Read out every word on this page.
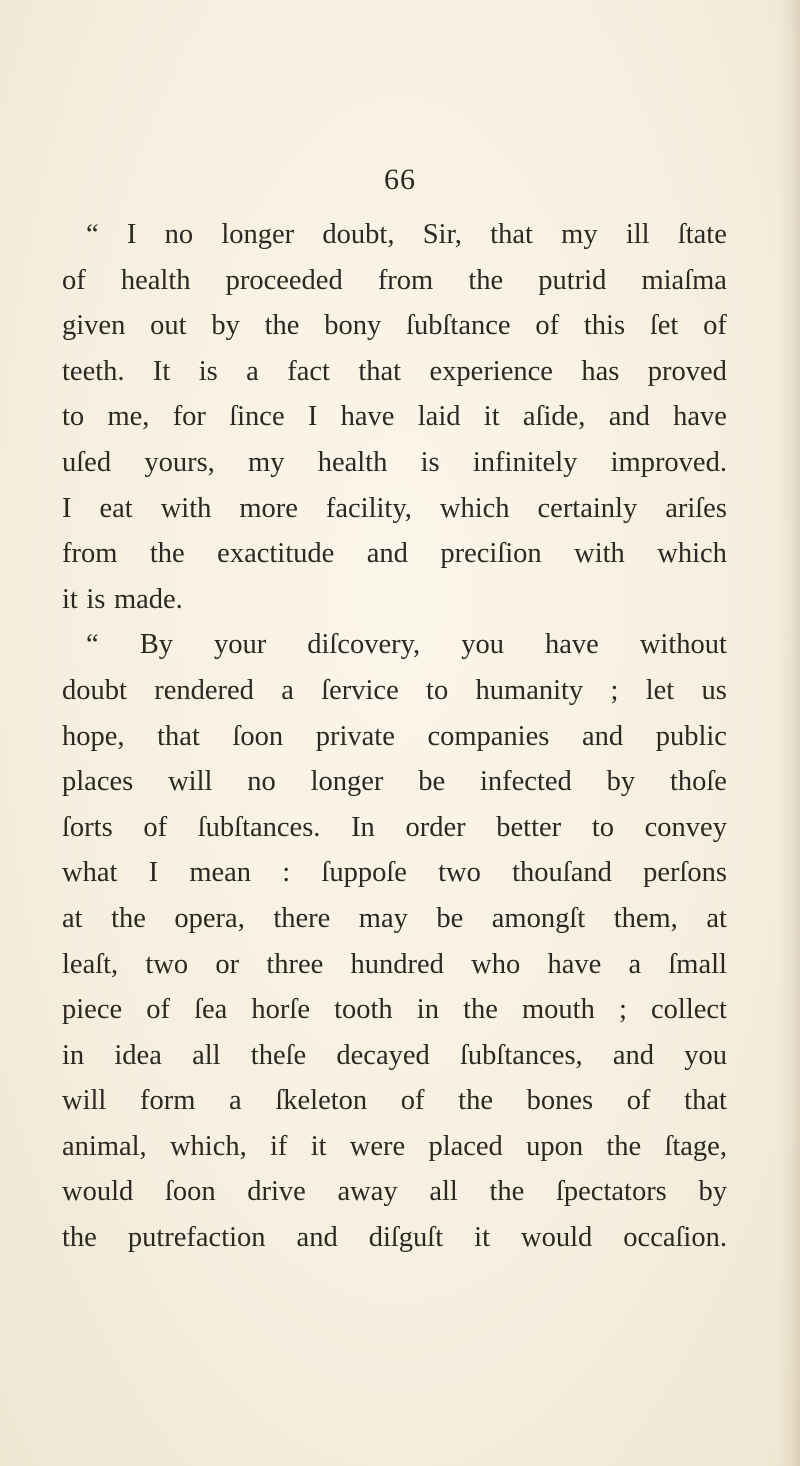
66
“ I no longer doubt, Sir, that my ill ſtate
of health proceeded from the putrid miaſma
given out by the bony ſubſtance of this ſet of
teeth. It is a fact that experience has proved
to me, for ſince I have laid it aſide, and have
uſed yours, my health is infinitely improved.
I eat with more facility, which certainly ariſes
from the exactitude and preciſion with which
it is made.
“ By your diſcovery, you have without
doubt rendered a ſervice to humanity ; let us
hope, that ſoon private companies and public
places will no longer be infected by thoſe
ſorts of ſubſtances. In order better to convey
what I mean : ſuppoſe two thouſand perſons
at the opera, there may be amongſt them, at
leaſt, two or three hundred who have a ſmall
piece of ſea horſe tooth in the mouth ; collect
in idea all theſe decayed ſubſtances, and you
will form a ſkeleton of the bones of that
animal, which, if it were placed upon the ſtage,
would ſoon drive away all the ſpectators by
the putrefaction and diſguſt it would occaſion.
